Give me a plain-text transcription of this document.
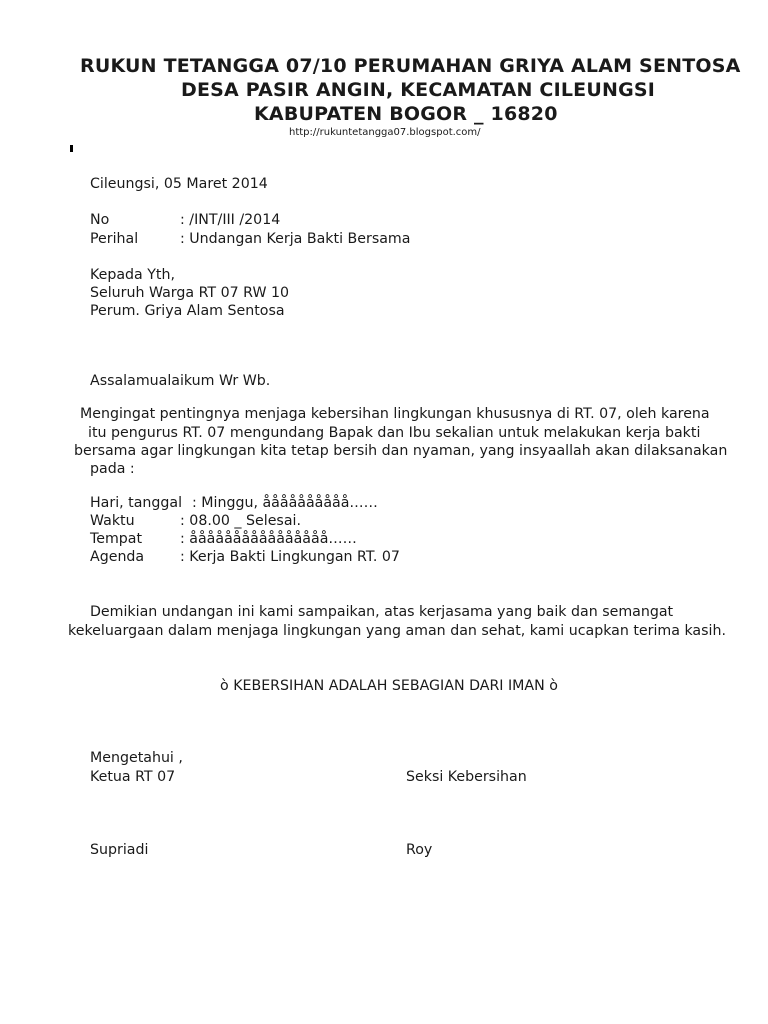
RUKUN TETANGGA 07/10 PERUMAHAN GRIYA ALAM SENTOSA
DESA PASIR ANGIN, KECAMATAN CILEUNGSI
KABUPATEN BOGOR _ 16820
http://rukuntetangga07.blogspot.com/
Cileungsi, 05 Maret 2014
No	: /INT/III /2014
Perihal	: Undangan Kerja Bakti Bersama
Kepada Yth,
Seluruh Warga RT 07 RW 10
Perum. Griya Alam Sentosa
Assalamualaikum Wr Wb.
Mengingat pentingnya menjaga kebersihan lingkungan khususnya di RT. 07, oleh karena
itu pengurus RT. 07 mengundang Bapak dan Ibu sekalian untuk melakukan kerja bakti
bersama agar lingkungan kita tetap bersih dan nyaman, yang insyaallah akan dilaksanakan
pada :
Hari, tanggal : Minggu, åååååååååå……
Waktu	: 08.00 _ Selesai.
Tempat	: åååååååååååååååå……
Agenda	: Kerja Bakti Lingkungan RT. 07
Demikian undangan ini kami sampaikan, atas kerjasama yang baik dan semangat
kekeluargaan dalam menjaga lingkungan yang aman dan sehat, kami ucapkan terima kasih.
ò KEBERSIHAN ADALAH SEBAGIAN DARI IMAN ò
Mengetahui ,
Ketua RT 07	Seksi Kebersihan
Supriadi	Roy
